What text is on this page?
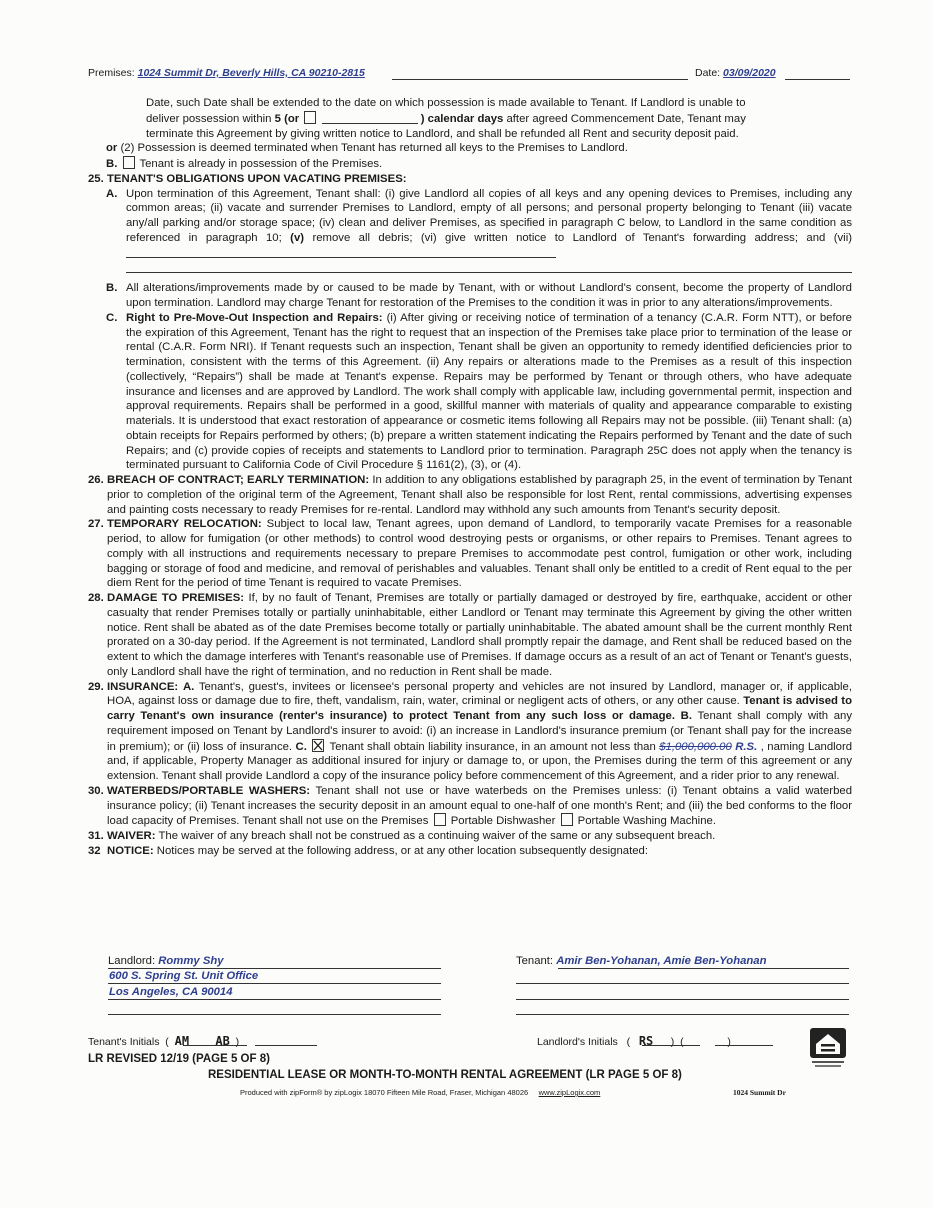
Premises: 1024 Summit Dr, Beverly Hills, CA 90210-2815	Date: 03/09/2020

Date, such Date shall be extended to the date on which possession is made available to Tenant. If Landlord is unable to

deliver possession within 5 (or	) calendar days after agreed Commencement Date, Tenant may

terminate this Agreement by giving written notice to Landlord, and shall be refunded all Rent and security deposit paid.

or (2) Possession is deemed terminated when Tenant has returned all keys to the Premises to Landlord.

B. Tenant is already in possession of the Premises.

25. TENANT'S OBLIGATIONS UPON VACATING PREMISES:

A. Upon termination of this Agreement, Tenant shall: (i) give Landlord all copies of all keys and any opening devices to Premises, including any common areas; (ii) vacate and surrender Premises to Landlord, empty of all persons; and personal property belonging to Tenant (iii) vacate any/all parking and/or storage space; (iv) clean and deliver Premises, as specified in paragraph C below, to Landlord in the same condition as referenced in paragraph 10; (v) remove all debris; (vi) give written notice to Landlord of Tenant's forwarding address; and (vii)

B. All alterations/improvements made by or caused to be made by Tenant, with or without Landlord's consent, become the property of Landlord upon termination. Landlord may charge Tenant for restoration of the Premises to the condition it was in prior to any alterations/improvements.

C. Right to Pre-Move-Out Inspection and Repairs: (i) After giving or receiving notice of termination of a tenancy (C.A.R. Form NTT), or before the expiration of this Agreement, Tenant has the right to request that an inspection of the Premises take place prior to termination of the lease or rental (C.A.R. Form NRI). If Tenant requests such an inspection, Tenant shall be given an opportunity to remedy identified deficiencies prior to termination, consistent with the terms of this Agreement. (ii) Any repairs or alterations made to the Premises as a result of this inspection (collectively, “Repairs”) shall be made at Tenant's expense. Repairs may be performed by Tenant or through others, who have adequate insurance and licenses and are approved by Landlord. The work shall comply with applicable law, including governmental permit, inspection and approval requirements. Repairs shall be performed in a good, skillful manner with materials of quality and appearance comparable to existing materials. It is understood that exact restoration of appearance or cosmetic items following all Repairs may not be possible. (iii) Tenant shall: (a) obtain receipts for Repairs performed by others; (b) prepare a written statement indicating the Repairs performed by Tenant and the date of such Repairs; and (c) provide copies of receipts and statements to Landlord prior to termination. Paragraph 25C does not apply when the tenancy is terminated pursuant to California Code of Civil Procedure § 1161(2), (3), or (4).

26. BREACH OF CONTRACT; EARLY TERMINATION: In addition to any obligations established by paragraph 25, in the event of termination by Tenant prior to completion of the original term of the Agreement, Tenant shall also be responsible for lost Rent, rental commissions, advertising expenses and painting costs necessary to ready Premises for re-rental. Landlord may withhold any such amounts from Tenant's security deposit.

27. TEMPORARY RELOCATION: Subject to local law, Tenant agrees, upon demand of Landlord, to temporarily vacate Premises for a reasonable period, to allow for fumigation (or other methods) to control wood destroying pests or organisms, or other repairs to Premises. Tenant agrees to comply with all instructions and requirements necessary to prepare Premises to accommodate pest control, fumigation or other work, including bagging or storage of food and medicine, and removal of perishables and valuables. Tenant shall only be entitled to a credit of Rent equal to the per diem Rent for the period of time Tenant is required to vacate Premises.

28. DAMAGE TO PREMISES: If, by no fault of Tenant, Premises are totally or partially damaged or destroyed by fire, earthquake, accident or other casualty that render Premises totally or partially uninhabitable, either Landlord or Tenant may terminate this Agreement by giving the other written notice. Rent shall be abated as of the date Premises become totally or partially uninhabitable. The abated amount shall be the current monthly Rent prorated on a 30-day period. If the Agreement is not terminated, Landlord shall promptly repair the damage, and Rent shall be reduced based on the extent to which the damage interferes with Tenant's reasonable use of Premises. If damage occurs as a result of an act of Tenant or Tenant's guests, only Landlord shall have the right of termination, and no reduction in Rent shall be made.

29. INSURANCE: A. Tenant's, guest's, invitees or licensee's personal property and vehicles are not insured by Landlord, manager or, if applicable, HOA, against loss or damage due to fire, theft, vandalism, rain, water, criminal or negligent acts of others, or any other cause. Tenant is advised to carry Tenant's own insurance (renter's insurance) to protect Tenant from any such loss or damage. B. Tenant shall comply with any requirement imposed on Tenant by Landlord's insurer to avoid: (i) an increase in Landlord's insurance premium (or Tenant shall pay for the increase in premium); or (ii) loss of insurance. C. Tenant shall obtain liability insurance, in an amount not less than $1,000,000.00 R.S. , naming Landlord and, if applicable, Property Manager as additional insured for injury or damage to, or upon, the Premises during the term of this agreement or any extension. Tenant shall provide Landlord a copy of the insurance policy before commencement of this Agreement, and a rider prior to any renewal.

30. WATERBEDS/PORTABLE WASHERS: Tenant shall not use or have waterbeds on the Premises unless: (i) Tenant obtains a valid waterbed insurance policy; (ii) Tenant increases the security deposit in an amount equal to one-half of one month's Rent; and (iii) the bed conforms to the floor load capacity of Premises. Tenant shall not use on the Premises Portable Dishwasher Portable Washing Machine.

31. WAIVER: The waiver of any breach shall not be construed as a continuing waiver of the same or any subsequent breach.

32 NOTICE: Notices may be served at the following address, or at any other location subsequently designated:

Landlord: Rommy Shy
600 S. Spring St. Unit Office
Los Angeles, CA 90014
Tenant: Amir Ben-Yohanan, Amie Ben-Yohanan
Tenant's Initials  (  AM AB  )	Landlord's Initials   (   RS      )  (               )
LR REVISED 12/19 (PAGE 5 OF 8)
RESIDENTIAL LEASE OR MONTH-TO-MONTH RENTAL AGREEMENT (LR PAGE 5 OF 8)
Produced with zipForm® by zipLogix 18070 Fifteen Mile Road, Fraser, Michigan 48026 www.zipLogix.com	1024 Summit Dr
